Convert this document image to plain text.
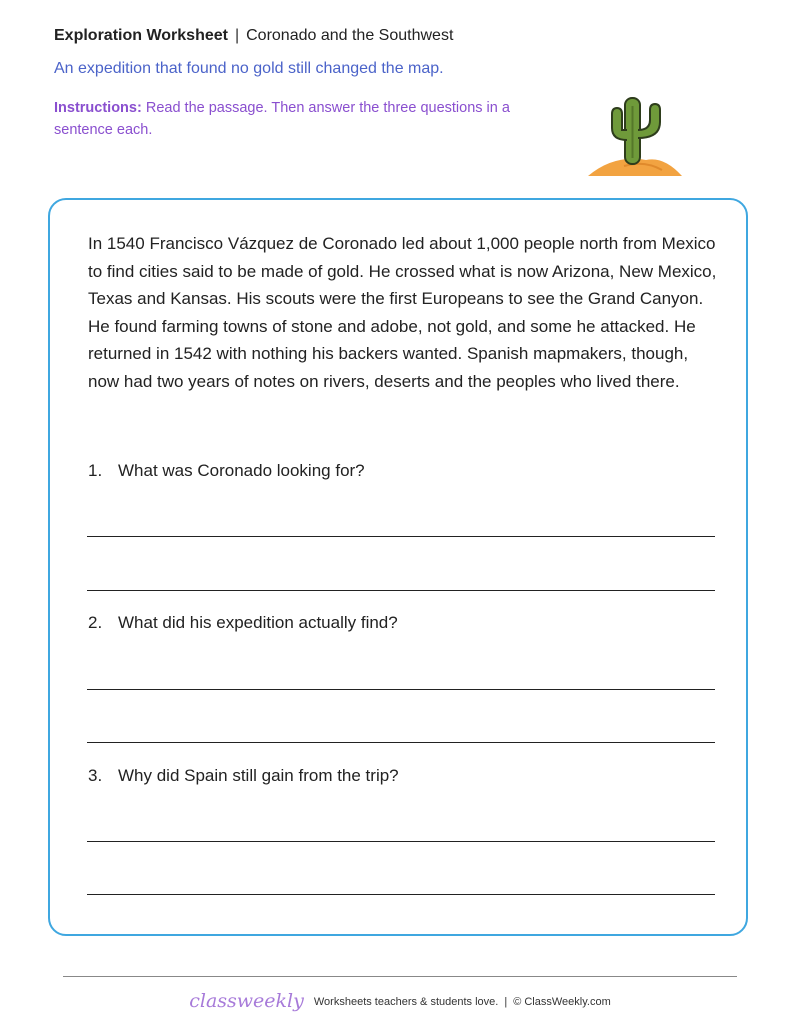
Exploration Worksheet | Coronado and the Southwest
An expedition that found no gold still changed the map.
Instructions: Read the passage. Then answer the three questions in a sentence each.
In 1540 Francisco Vázquez de Coronado led about 1,000 people north from Mexico to find cities said to be made of gold. He crossed what is now Arizona, New Mexico, Texas and Kansas. His scouts were the first Europeans to see the Grand Canyon. He found farming towns of stone and adobe, not gold, and some he attacked. He returned in 1542 with nothing his backers wanted. Spanish mapmakers, though, now had two years of notes on rivers, deserts and the peoples who lived there.
1. What was Coronado looking for?
2. What did his expedition actually find?
3. Why did Spain still gain from the trip?
classweekly Worksheets teachers & students love. | © ClassWeekly.com
